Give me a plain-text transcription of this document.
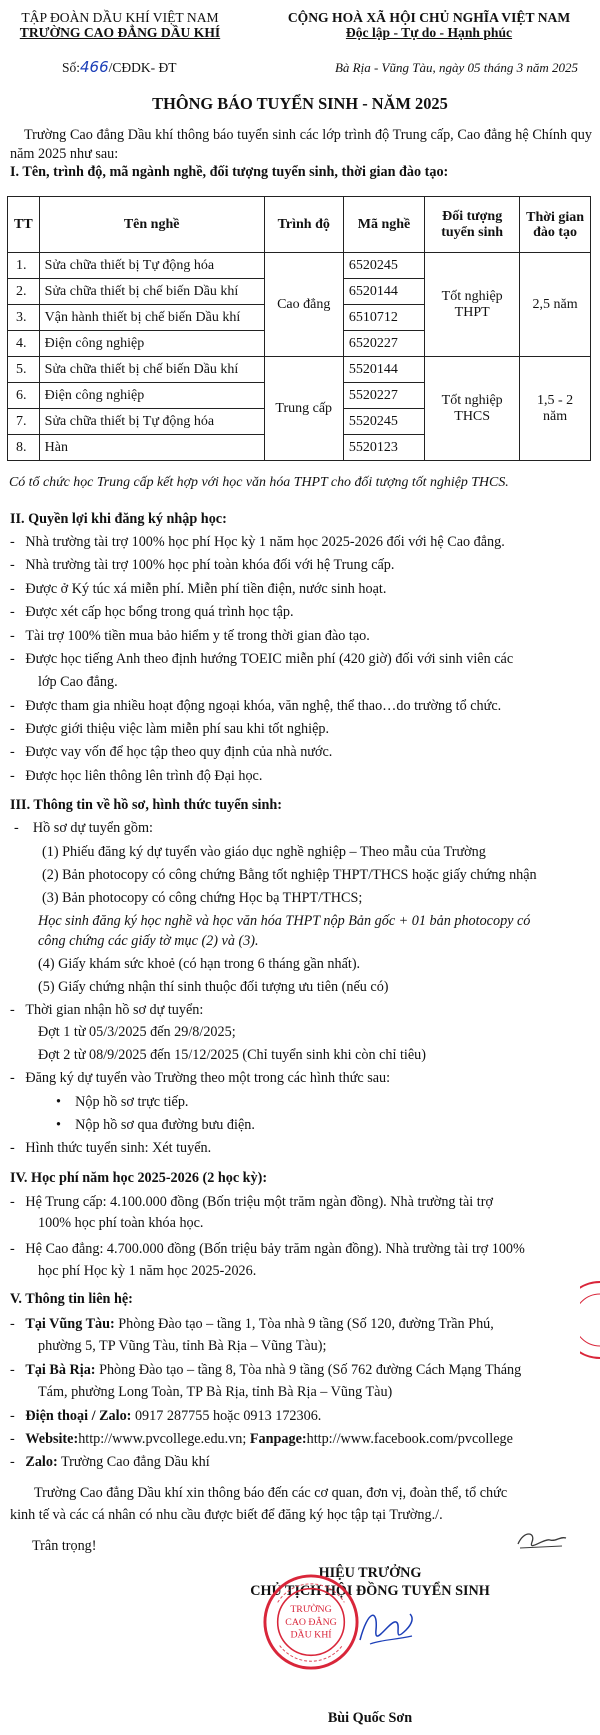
TẬP ĐOÀN DẦU KHÍ VIỆT NAM
TRƯỜNG CAO ĐẲNG DẦU KHÍ
CỘNG HOÀ XÃ HỘI CHỦ NGHĨA VIỆT NAM
Độc lập - Tự do - Hạnh phúc
Số:466/CĐDK- ĐT	Bà Rịa - Vũng Tàu, ngày 05 tháng 3 năm 2025
THÔNG BÁO TUYỂN SINH - NĂM 2025
Trường Cao đẳng Dầu khí thông báo tuyển sinh các lớp trình độ Trung cấp, Cao đẳng hệ Chính quy năm 2025 như sau:
I. Tên, trình độ, mã ngành nghề, đối tượng tuyển sinh, thời gian đào tạo:
TT	Tên nghề	Trình độ	Mã nghề	Đối tượng tuyển sinh	Thời gian đào tạo
1.	Sửa chữa thiết bị Tự động hóa	Cao đẳng	6520245	Tốt nghiệp THPT	2,5 năm
2.	Sửa chữa thiết bị chế biến Dầu khí		6520144		
3.	Vận hành thiết bị chế biến Dầu khí		6510712		
4.	Điện công nghiệp		6520227		
5.	Sửa chữa thiết bị chế biến Dầu khí	Trung cấp	5520144	Tốt nghiệp THCS	1,5 - 2 năm
6.	Điện công nghiệp		5520227		
7.	Sửa chữa thiết bị Tự động hóa		5520245		
8.	Hàn		5520123		
Có tổ chức học Trung cấp kết hợp với học văn hóa THPT cho đối tượng tốt nghiệp THCS.
II. Quyền lợi khi đăng ký nhập học:
-   Nhà trường tài trợ 100% học phí Học kỳ 1 năm học 2025-2026 đối với hệ Cao đẳng.
-   Nhà trường tài trợ 100% học phí toàn khóa đối với hệ Trung cấp.
-   Được ở Ký túc xá miễn phí. Miễn phí tiền điện, nước sinh hoạt.
-   Được xét cấp học bổng trong quá trình học tập.
-   Tài trợ 100% tiền mua bảo hiểm y tế trong thời gian đào tạo.
-   Được học tiếng Anh theo định hướng TOEIC miễn phí (420 giờ) đối với sinh viên các
lớp Cao đẳng.
-   Được tham gia nhiều hoạt động ngoại khóa, văn nghệ, thể thao…do trường tổ chức.
-   Được giới thiệu việc làm miễn phí sau khi tốt nghiệp.
-   Được vay vốn để học tập theo quy định của nhà nước.
-   Được học liên thông lên trình độ Đại học.
III. Thông tin về hồ sơ, hình thức tuyển sinh:
-    Hồ sơ dự tuyển gồm:
(1) Phiếu đăng ký dự tuyển vào giáo dục nghề nghiệp – Theo mẫu của Trường
(2) Bản photocopy có công chứng Bằng tốt nghiệp THPT/THCS hoặc giấy chứng nhận
(3) Bản photocopy có công chứng Học bạ THPT/THCS;
Học sinh đăng ký học nghề và học văn hóa THPT nộp Bản gốc + 01 bản photocopy có
công chứng các giấy tờ mục (2) và (3).
(4) Giấy khám sức khoẻ (có hạn trong 6 tháng gần nhất).
(5) Giấy chứng nhận thí sinh thuộc đối tượng ưu tiên (nếu có)
-   Thời gian nhận hồ sơ dự tuyển:
Đợt 1 từ 05/3/2025 đến 29/8/2025;
Đợt 2 từ 08/9/2025 đến 15/12/2025 (Chỉ tuyển sinh khi còn chỉ tiêu)
-   Đăng ký dự tuyển vào Trường theo một trong các hình thức sau:
•    Nộp hồ sơ trực tiếp.
•    Nộp hồ sơ qua đường bưu điện.
-   Hình thức tuyển sinh: Xét tuyển.
IV. Học phí năm học 2025-2026 (2 học kỳ):
-   Hệ Trung cấp: 4.100.000 đồng (Bốn triệu một trăm ngàn đồng). Nhà trường tài trợ
100% học phí toàn khóa học.
-   Hệ Cao đẳng: 4.700.000 đồng (Bốn triệu bảy trăm ngàn đồng). Nhà trường tài trợ 100%
học phí Học kỳ 1 năm học 2025-2026.
V. Thông tin liên hệ:
-   Tại Vũng Tàu: Phòng Đào tạo – tầng 1, Tòa nhà 9 tầng (Số 120, đường Trần Phú,
phường 5, TP Vũng Tàu, tỉnh Bà Rịa – Vũng Tàu);
-   Tại Bà Rịa: Phòng Đào tạo – tầng 8, Tòa nhà 9 tầng (Số 762 đường Cách Mạng Tháng
Tám, phường Long Toàn, TP Bà Rịa, tỉnh Bà Rịa – Vũng Tàu)
-   Điện thoại / Zalo: 0917 287755 hoặc 0913 172306.
-   Website:http://www.pvcollege.edu.vn; Fanpage:http://www.facebook.com/pvcollege
-   Zalo: Trường Cao đẳng Dầu khí
Trường Cao đẳng Dầu khí xin thông báo đến các cơ quan, đơn vị, đoàn thể, tổ chức
kinh tế và các cá nhân có nhu cầu được biết để đăng ký học tập tại Trường./.
Trân trọng!
HIỆU TRƯỞNG
CHỦ TỊCH HỘI ĐỒNG TUYỂN SINH
TRƯỜNG
CAO ĐẲNG
DẦU KHÍ
Bùi Quốc Sơn
